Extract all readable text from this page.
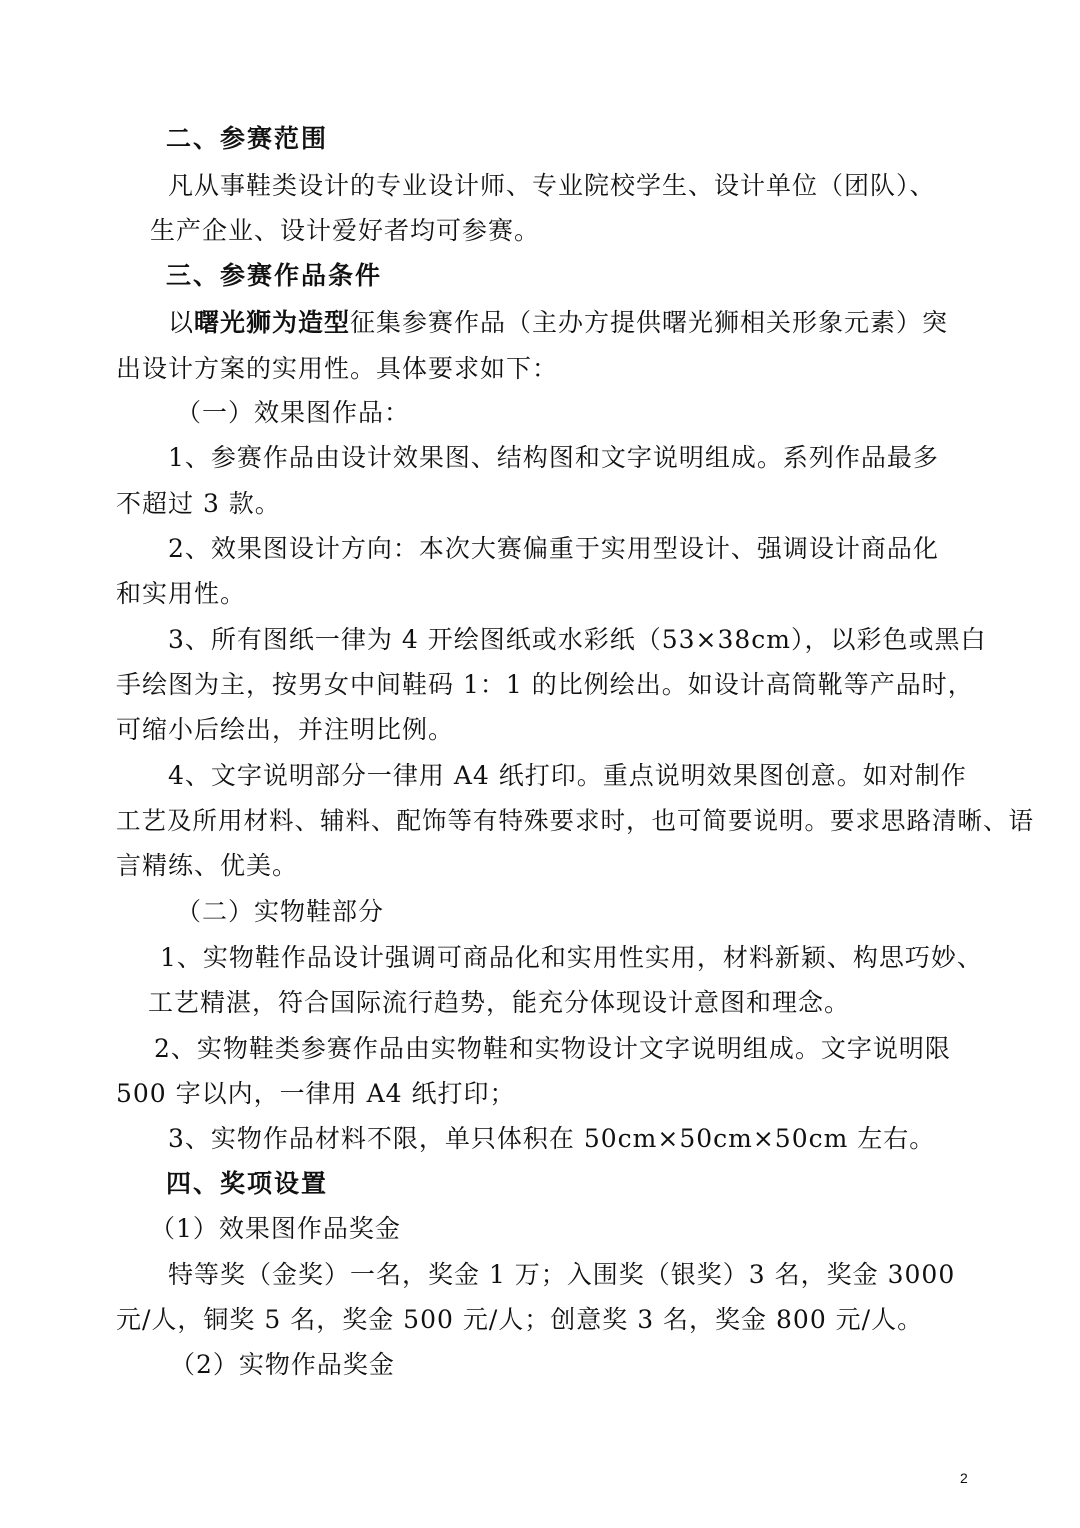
二、参赛范围
凡从事鞋类设计的专业设计师、专业院校学生、设计单位（团队）、
生产企业、设计爱好者均可参赛。
三、参赛作品条件
以曙光狮为造型征集参赛作品（主办方提供曙光狮相关形象元素）突
出设计方案的实用性。具体要求如下：
（一）效果图作品：
1、参赛作品由设计效果图、结构图和文字说明组成。系列作品最多
不超过 3 款。
2、效果图设计方向：本次大赛偏重于实用型设计、强调设计商品化
和实用性。
3、所有图纸一律为 4 开绘图纸或水彩纸（53×38cm），以彩色或黑白
手绘图为主，按男女中间鞋码 1：1 的比例绘出。如设计高筒靴等产品时，
可缩小后绘出，并注明比例。
4、文字说明部分一律用 A4 纸打印。重点说明效果图创意。如对制作
工艺及所用材料、辅料、配饰等有特殊要求时，也可简要说明。要求思路清晰、语
言精练、优美。
（二）实物鞋部分
1、实物鞋作品设计强调可商品化和实用性实用，材料新颖、构思巧妙、
工艺精湛，符合国际流行趋势，能充分体现设计意图和理念。
2、实物鞋类参赛作品由实物鞋和实物设计文字说明组成。文字说明限
500 字以内，一律用 A4 纸打印；
3、实物作品材料不限，单只体积在 50cm×50cm×50cm 左右。
四、奖项设置
（1）效果图作品奖金
特等奖（金奖）一名，奖金 1 万；入围奖（银奖）3 名，奖金 3000
元/人，铜奖 5 名，奖金 500 元/人；创意奖 3 名，奖金 800 元/人。
（2）实物作品奖金
2
